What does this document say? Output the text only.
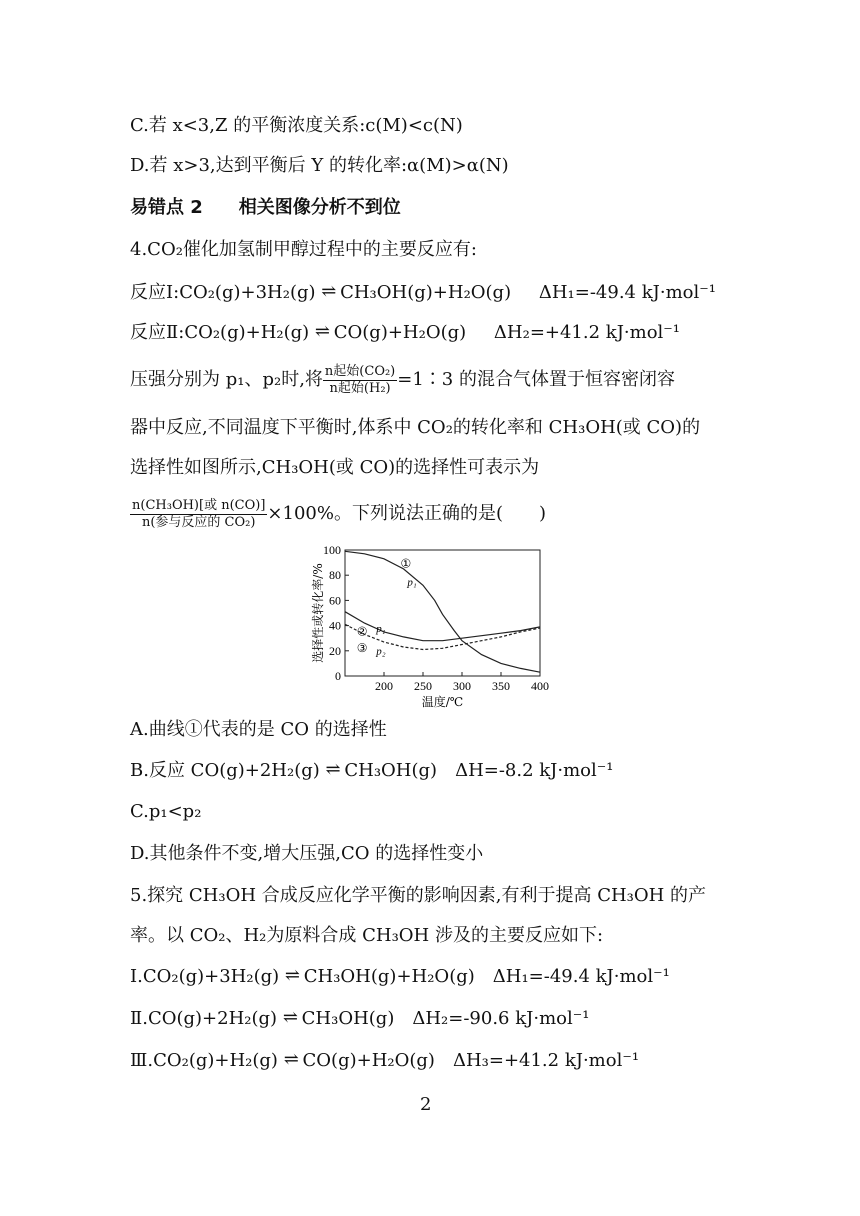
C.若 x<3,Z 的平衡浓度关系:c(M)<c(N)
D.若 x>3,达到平衡后 Y 的转化率:α(M)>α(N)
易错点 2　　相关图像分析不到位
4.CO₂催化加氢制甲醇过程中的主要反应有:
反应Ⅰ:CO₂(g)+3H₂(g) ⇌ CH₃OH(g)+H₂O(g) ΔH₁=-49.4 kJ·mol⁻¹
反应Ⅱ:CO₂(g)+H₂(g) ⇌ CO(g)+H₂O(g) ΔH₂=+41.2 kJ·mol⁻¹
压强分别为 p₁、p₂时,将 $\frac{\text{n起始(CO₂)}}{\text{n起始(H₂)}}$ =1∶3 的混合气体置于恒容密闭容
器中反应,不同温度下平衡时,体系中 CO₂的转化率和 CH₃OH(或 CO)的
选择性如图所示,CH₃OH(或 CO)的选择性可表示为
$\frac{\text{n(CH₃OH)[或 n(CO)]}}{\text{n(参与反应的 CO₂)}} \times 100\%$。下列说法正确的是(　　)
200 250 300 350 400
0
20
40
60
80
100
温度/℃
选择性或转化率/%	①
p₁
② p₁
③ p₂
A.曲线①代表的是 CO 的选择性
B.反应 CO(g)+2H₂(g) ⇌ CH₃OH(g)　ΔH=-8.2 kJ·mol⁻¹
C.p₁<p₂
D.其他条件不变,增大压强,CO 的选择性变小
5.探究 CH₃OH 合成反应化学平衡的影响因素,有利于提高 CH₃OH 的产
率。以 CO₂、H₂为原料合成 CH₃OH 涉及的主要反应如下:
Ⅰ.CO₂(g)+3H₂(g) ⇌ CH₃OH(g)+H₂O(g)　ΔH₁=-49.4 kJ·mol⁻¹
Ⅱ.CO(g)+2H₂(g) ⇌ CH₃OH(g)　ΔH₂=-90.6 kJ·mol⁻¹
Ⅲ.CO₂(g)+H₂(g) ⇌ CO(g)+H₂O(g)　ΔH₃=+41.2 kJ·mol⁻¹
2
